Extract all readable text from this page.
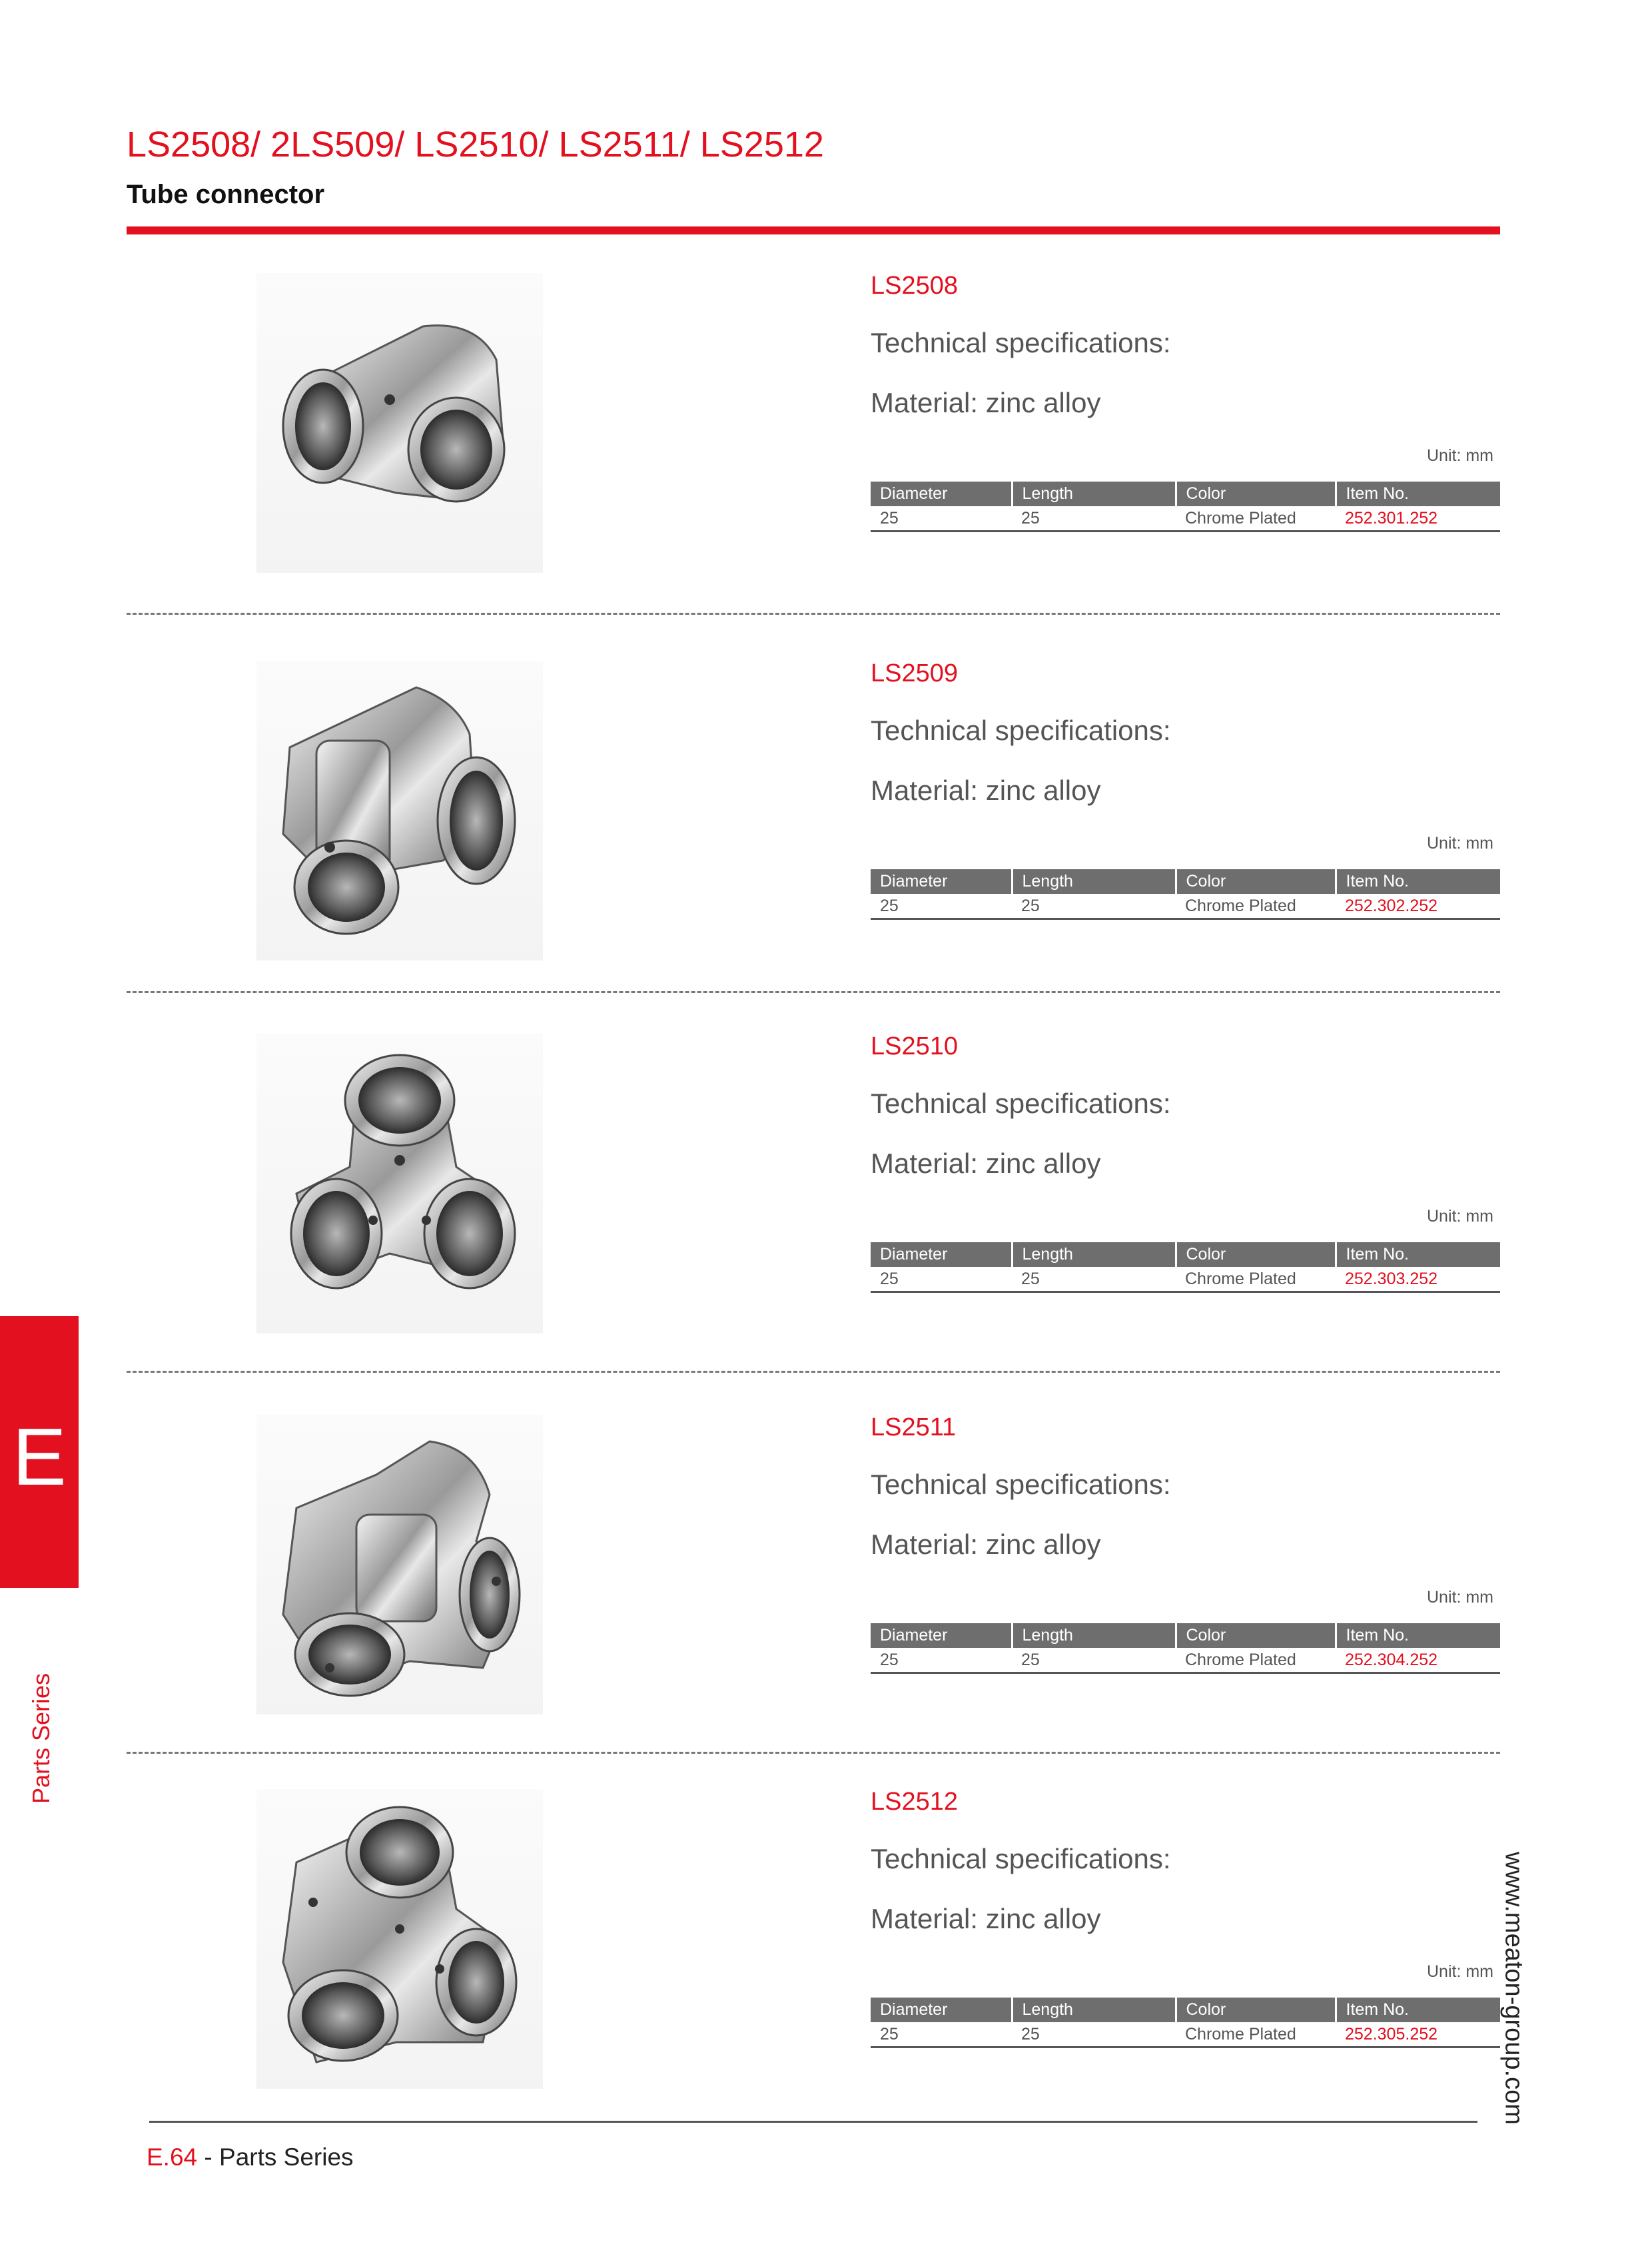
LS2508/ 2LS509/ LS2510/ LS2511/ LS2512
Tube connector
LS2508
Technical specifications:
Material: zinc alloy
Unit: mm
Diameter	Length	Color	Item No.
25	25	Chrome Plated	252.301.252
LS2509
Technical specifications:
Material: zinc alloy
Unit: mm
Diameter	Length	Color	Item No.
25	25	Chrome Plated	252.302.252
LS2510
Technical specifications:
Material: zinc alloy
Unit: mm
Diameter	Length	Color	Item No.
25	25	Chrome Plated	252.303.252
LS2511
Technical specifications:
Material: zinc alloy
Unit: mm
Diameter	Length	Color	Item No.
25	25	Chrome Plated	252.304.252
LS2512
Technical specifications:
Material: zinc alloy
Unit: mm
Diameter	Length	Color	Item No.
25	25	Chrome Plated	252.305.252
E
Parts Series
www.meaton-group.com
E.64 - Parts Series
